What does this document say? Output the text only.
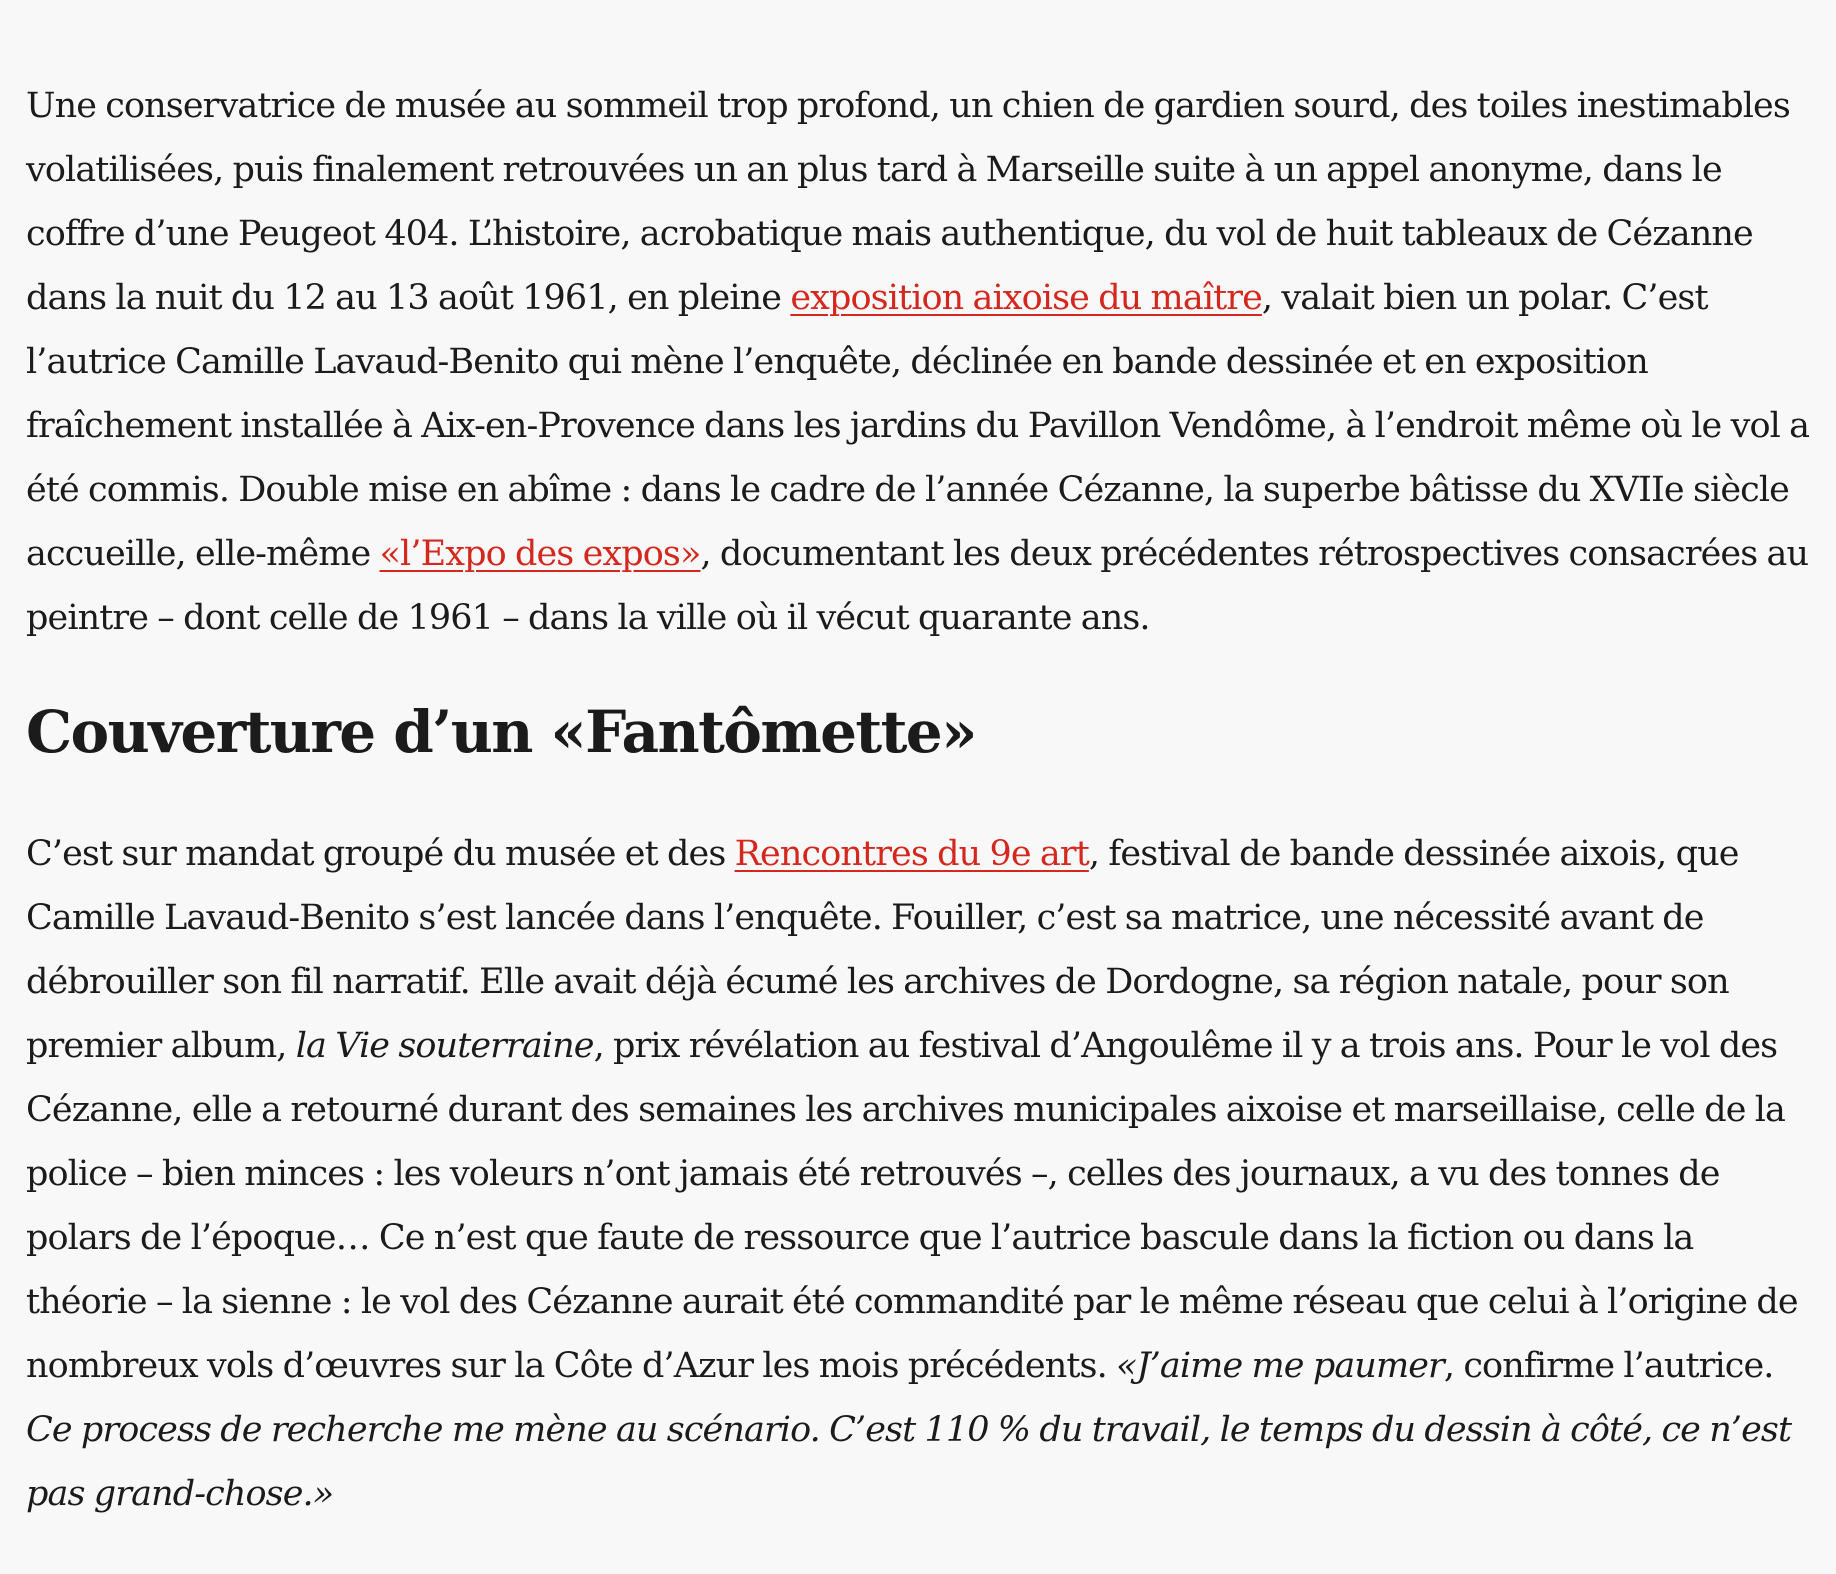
Une conservatrice de musée au sommeil trop profond, un chien de gardien sourd, des toiles inestimables volatilisées, puis finalement retrouvées un an plus tard à Marseille suite à un appel anonyme, dans le coffre d’une Peugeot 404. L’histoire, acrobatique mais authentique, du vol de huit tableaux de Cézanne dans la nuit du 12 au 13 août 1961, en pleine exposition aixoise du maître, valait bien un polar. C’est l’autrice Camille Lavaud-Benito qui mène l’enquête, déclinée en bande dessinée et en exposition fraîchement installée à Aix-en-Provence dans les jardins du Pavillon Vendôme, à l’endroit même où le vol a été commis. Double mise en abîme : dans le cadre de l’année Cézanne, la superbe bâtisse du XVIIe siècle accueille, elle-même «l’Expo des expos», documentant les deux précédentes rétrospectives consacrées au peintre – dont celle de 1961 – dans la ville où il vécut quarante ans.

Couverture d’un «Fantômette»

C’est sur mandat groupé du musée et des Rencontres du 9e art, festival de bande dessinée aixois, que Camille Lavaud-Benito s’est lancée dans l’enquête. Fouiller, c’est sa matrice, une nécessité avant de débrouiller son fil narratif. Elle avait déjà écumé les archives de Dordogne, sa région natale, pour son premier album, la Vie souterraine, prix révélation au festival d’Angoulême il y a trois ans. Pour le vol des Cézanne, elle a retourné durant des semaines les archives municipales aixoise et marseillaise, celle de la police – bien minces : les voleurs n’ont jamais été retrouvés –, celles des journaux, a vu des tonnes de polars de l’époque… Ce n’est que faute de ressource que l’autrice bascule dans la fiction ou dans la théorie – la sienne : le vol des Cézanne aurait été commandité par le même réseau que celui à l’origine de nombreux vols d’œuvres sur la Côte d’Azur les mois précédents. «J’aime me paumer, confirme l’autrice. Ce process de recherche me mène au scénario. C’est 110 % du travail, le temps du dessin à côté, ce n’est pas grand-chose.»
